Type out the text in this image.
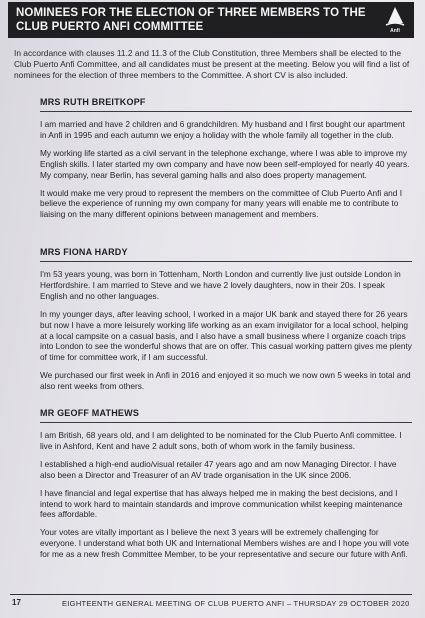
NOMINEES FOR THE ELECTION OF THREE MEMBERS TO THE CLUB PUERTO ANFI COMMITTEE	Anfi
In accordance with clauses 11.2 and 11.3 of the Club Constitution, three Members shall be elected to the Club Puerto Anfi Committee, and all candidates must be present at the meeting. Below you will find a list of nominees for the election of three members to the Committee. A short CV is also included.
MRS RUTH BREITKOPF

I am married and have 2 children and 6 grandchildren. My husband and I first bought our apartment in Anfi in 1995 and each autumn we enjoy a holiday with the whole family all together in the club.

My working life started as a civil servant in the telephone exchange, where I was able to improve my English skills. I later started my own company and have now been self-employed for nearly 40 years. My company, near Berlin, has several gaming halls and also does property management.

It would make me very proud to represent the members on the committee of Club Puerto Anfi and I believe the experience of running my own company for many years will enable me to contribute to liaising on the many different opinions between management and members.

MRS FIONA HARDY

I'm 53 years young, was born in Tottenham, North London and currently live just outside London in Hertfordshire. I am married to Steve and we have 2 lovely daughters, now in their 20s. I speak English and no other languages.

In my younger days, after leaving school, I worked in a major UK bank and stayed there for 26 years but now I have a more leisurely working life working as an exam invigilator for a local school, helping at a local campsite on a casual basis, and I also have a small business where I organize coach trips into London to see the wonderful shows that are on offer. This casual working pattern gives me plenty of time for committee work, if I am successful.

We purchased our first week in Anfi in 2016 and enjoyed it so much we now own 5 weeks in total and also rent weeks from others.

MR GEOFF MATHEWS

I am British, 68 years old, and I am delighted to be nominated for the Club Puerto Anfi committee. I live in Ashford, Kent and have 2 adult sons, both of whom work in the family business.

I established a high-end audio/visual retailer 47 years ago and am now Managing Director. I have also been a Director and Treasurer of an AV trade organisation in the UK since 2006.

I have financial and legal expertise that has always helped me in making the best decisions, and I intend to work hard to maintain standards and improve communication whilst keeping maintenance fees affordable.

Your votes are vitally important as I believe the next 3 years will be extremely challenging for everyone. I understand what both UK and International Members wishes are and I hope you will vote for me as a new fresh Committee Member, to be your representative and secure our future with Anfi.

17	EIGHTEENTH GENERAL MEETING OF CLUB PUERTO ANFI – THURSDAY 29 OCTOBER 2020
